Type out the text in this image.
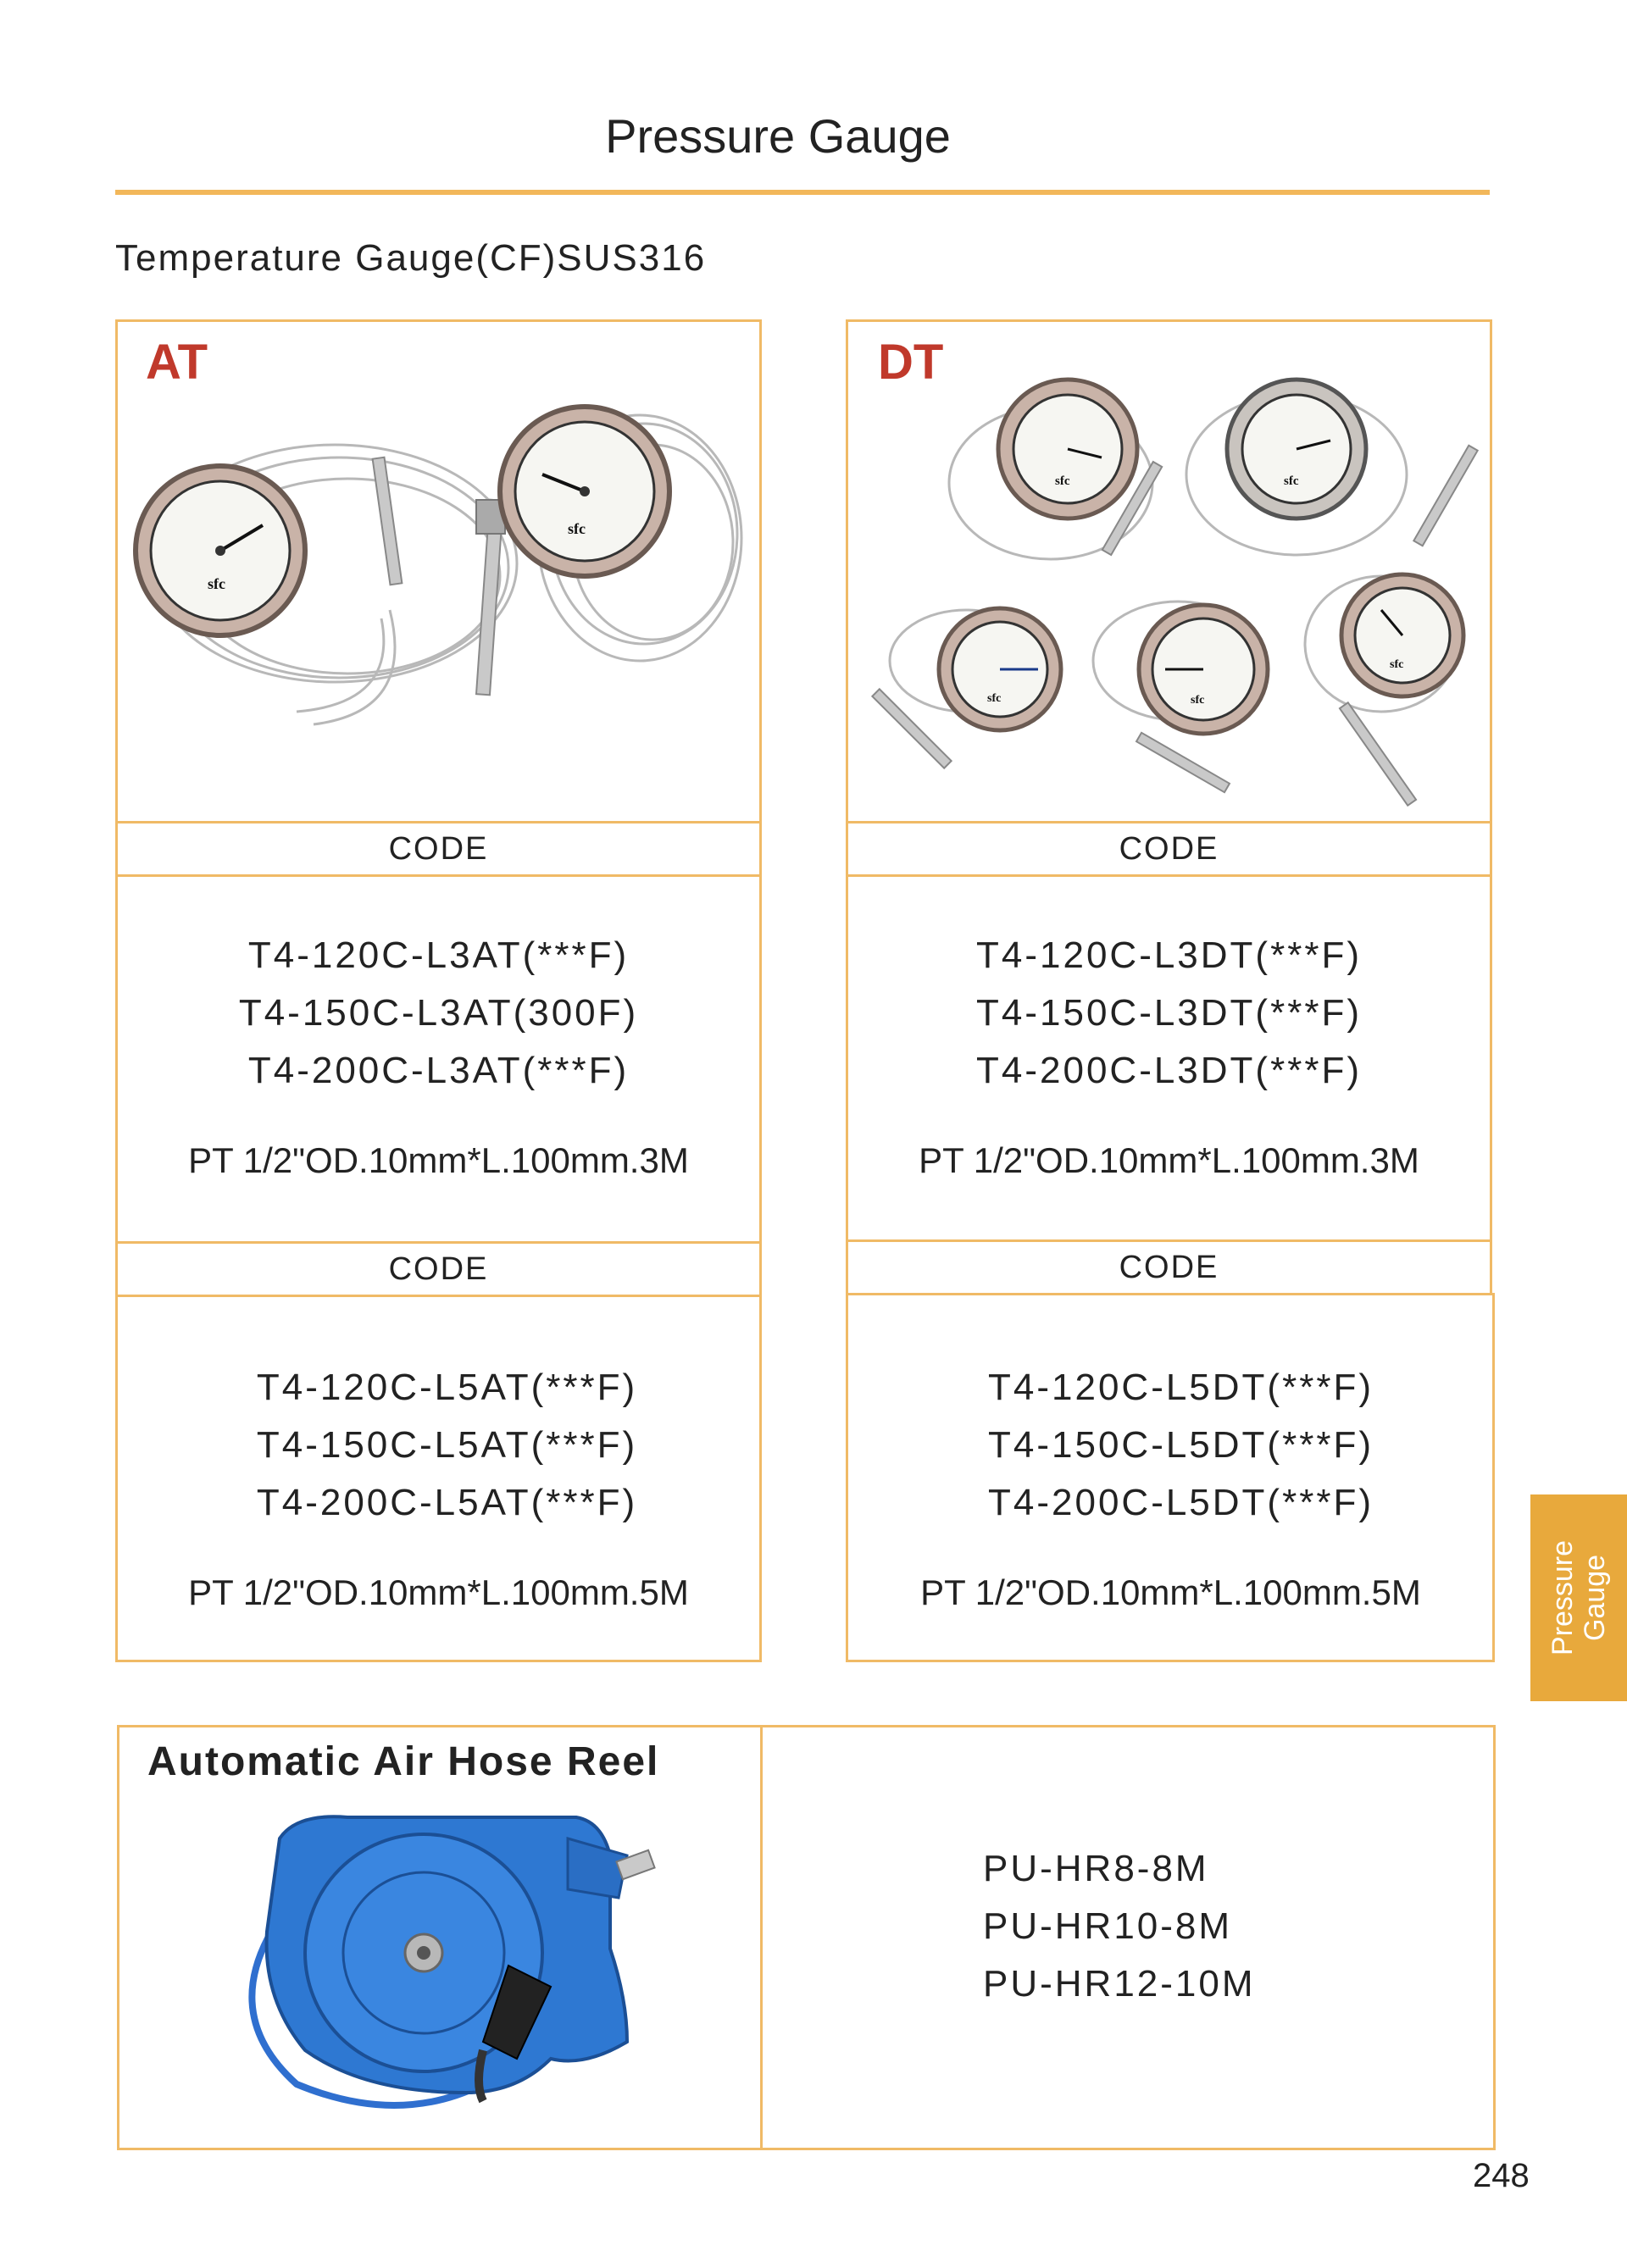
Pressure Gauge
Temperature Gauge(CF)SUS316
AT
sfc
sfc
CODE
T4-120C-L3AT(***F)
T4-150C-L3AT(300F)
T4-200C-L3AT(***F)
PT 1/2"OD.10mm*L.100mm.3M
CODE
T4-120C-L5AT(***F)
T4-150C-L5AT(***F)
T4-200C-L5AT(***F)
PT 1/2"OD.10mm*L.100mm.5M
DT
sfc	sfc
sfc	sfc
sfc
CODE
T4-120C-L3DT(***F)
T4-150C-L3DT(***F)
T4-200C-L3DT(***F)
PT 1/2"OD.10mm*L.100mm.3M
CODE
T4-120C-L5DT(***F)
T4-150C-L5DT(***F)
T4-200C-L5DT(***F)
PT 1/2"OD.10mm*L.100mm.5M	Pressure Gauge
Automatic Air Hose Reel
PU-HR8-8M
PU-HR10-8M
PU-HR12-10M
248
